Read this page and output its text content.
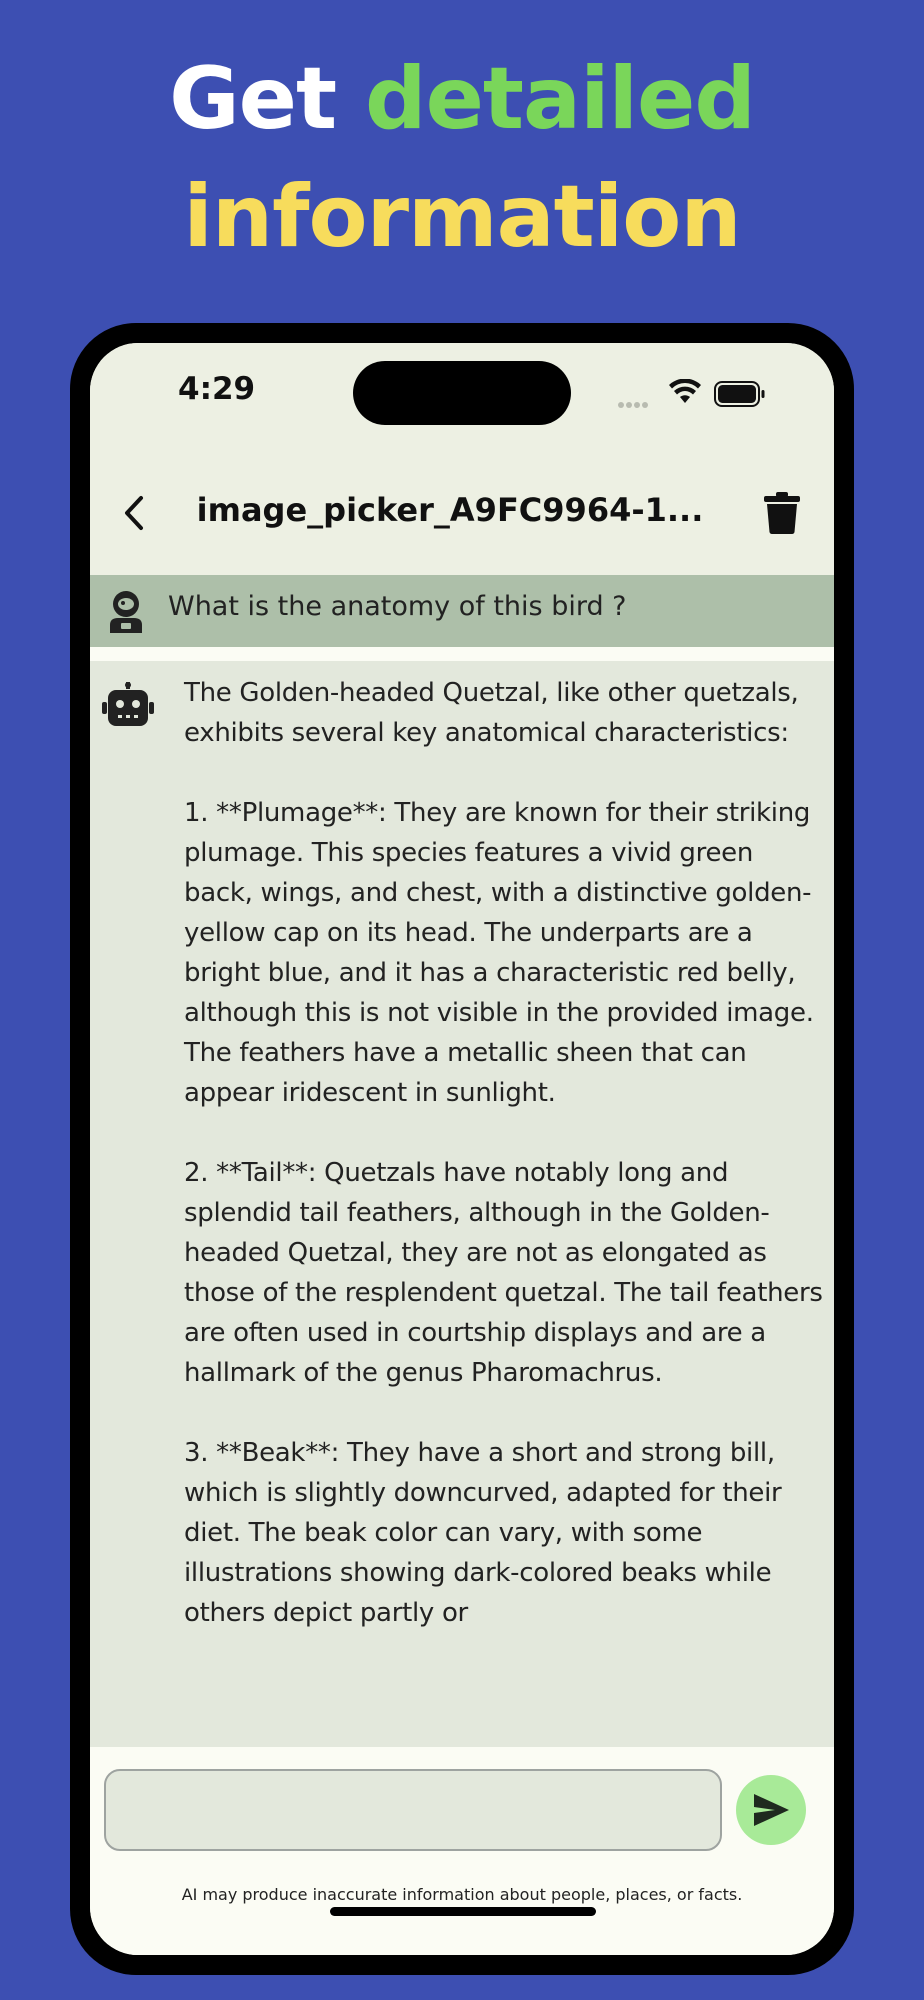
Get detailed
information
4:29
image_picker_A9FC9964-1...
What is the anatomy of this bird ?
The Golden-headed Quetzal, like other quetzals, exhibits several key anatomical characteristics:

1. **Plumage**: They are known for their striking plumage. This species features a vivid green back, wings, and chest, with a distinctive golden-yellow cap on its head. The underparts are a bright blue, and it has a characteristic red belly, although this is not visible in the provided image. The feathers have a metallic sheen that can appear iridescent in sunlight.

2. **Tail**: Quetzals have notably long and splendid tail feathers, although in the Golden-headed Quetzal, they are not as elongated as those of the resplendent quetzal. The tail feathers are often used in courtship displays and are a hallmark of the genus Pharomachrus.

3. **Beak**: They have a short and strong bill, which is slightly downcurved, adapted for their diet. The beak color can vary, with some illustrations showing dark-colored beaks while others depict partly or
AI may produce inaccurate information about people, places, or facts.
